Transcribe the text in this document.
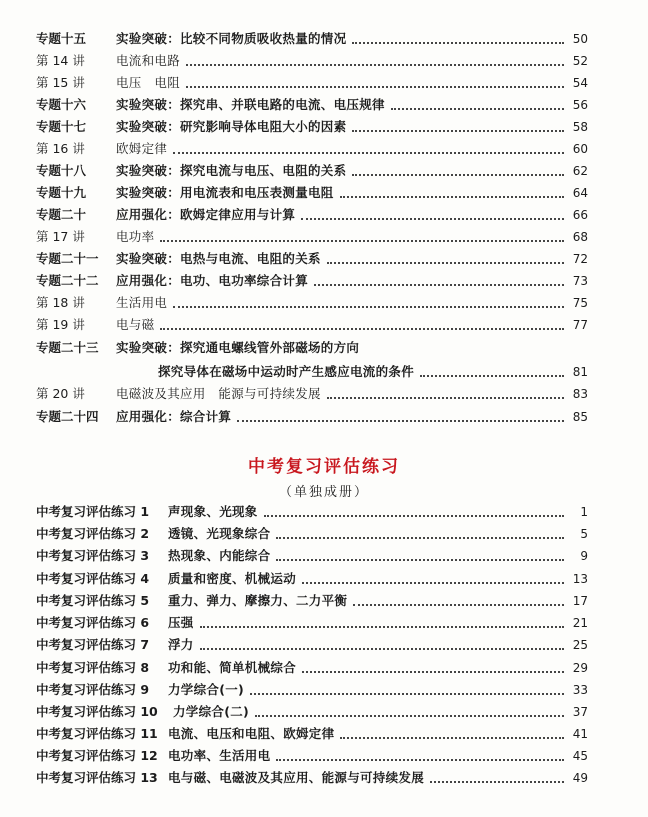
专题十五	实验突破：比较不同物质吸收热量的情况	50
第 14 讲	电流和电路	52
第 15 讲	电压　电阻	54
专题十六	实验突破：探究串、并联电路的电流、电压规律	56
专题十七	实验突破：研究影响导体电阻大小的因素	58
第 16 讲	欧姆定律	60
专题十八	实验突破：探究电流与电压、电阻的关系	62
专题十九	实验突破：用电流表和电压表测量电阻	64
专题二十	应用强化：欧姆定律应用与计算	66
第 17 讲	电功率	68
专题二十一	实验突破：电热与电流、电阻的关系	72
专题二十二	应用强化：电功、电功率综合计算	73
第 18 讲	生活用电	75
第 19 讲	电与磁	77
专题二十三	实验突破：探究通电螺线管外部磁场的方向
探究导体在磁场中运动时产生感应电流的条件	81
第 20 讲	电磁波及其应用　能源与可持续发展	83
专题二十四	应用强化：综合计算	85
中考复习评估练习
（单独成册）
中考复习评估练习 1	声现象、光现象	1
中考复习评估练习 2	透镜、光现象综合	5
中考复习评估练习 3	热现象、内能综合	9
中考复习评估练习 4	质量和密度、机械运动	13
中考复习评估练习 5	重力、弹力、摩擦力、二力平衡	17
中考复习评估练习 6	压强	21
中考复习评估练习 7	浮力	25
中考复习评估练习 8	功和能、简单机械综合	29
中考复习评估练习 9	力学综合(一)	33
中考复习评估练习 10	力学综合(二)	37
中考复习评估练习 11 电流、电压和电阻、欧姆定律	41
中考复习评估练习 12 电功率、生活用电	45
中考复习评估练习 13 电与磁、电磁波及其应用、能源与可持续发展	49
